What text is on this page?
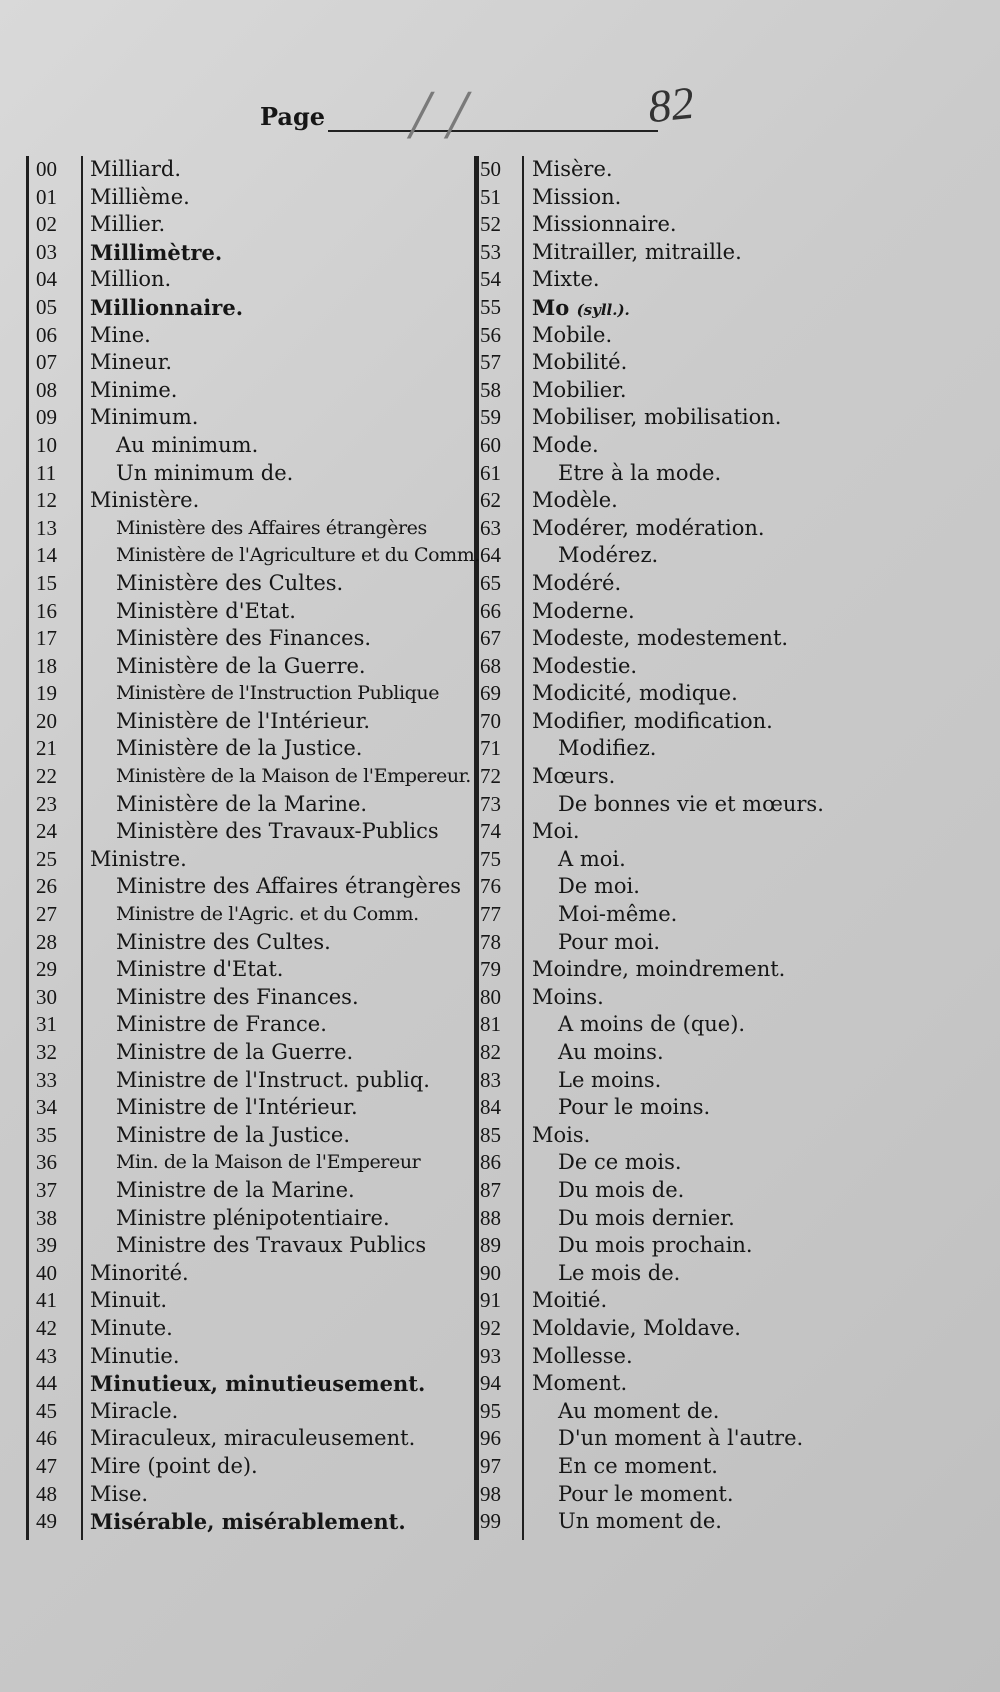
Page / /	82
00	Milliard.
01	Millième.
02	Millier.
03	Millimètre.
04	Million.
05	Millionnaire.
06	Mine.
07	Mineur.
08	Minime.
09	Minimum.
10	Au minimum.
11	Un minimum de.
12	Ministère.
13	Ministère des Affaires étrangères
14	Ministère de l'Agriculture et du Comm.
15	Ministère des Cultes.
16	Ministère d'Etat.
17	Ministère des Finances.
18	Ministère de la Guerre.
19	Ministère de l'Instruction Publique
20	Ministère de l'Intérieur.
21	Ministère de la Justice.
22	Ministère de la Maison de l'Empereur.
23	Ministère de la Marine.
24	Ministère des Travaux-Publics
25	Ministre.
26	Ministre des Affaires étrangères
27	Ministre de l'Agric. et du Comm.
28	Ministre des Cultes.
29	Ministre d'Etat.
30	Ministre des Finances.
31	Ministre de France.
32	Ministre de la Guerre.
33	Ministre de l'Instruct. publiq.
34	Ministre de l'Intérieur.
35	Ministre de la Justice.
36	Min. de la Maison de l'Empereur
37	Ministre de la Marine.
38	Ministre plénipotentiaire.
39	Ministre des Travaux Publics
40	Minorité.
41	Minuit.
42	Minute.
43	Minutie.
44	Minutieux, minutieusement.
45	Miracle.
46	Miraculeux, miraculeusement.
47	Mire (point de).
48	Mise.
49	Misérable, misérablement.
50	Misère.
51	Mission.
52	Missionnaire.
53	Mitrailler, mitraille.
54	Mixte.
55	Mo (syll.).
56	Mobile.
57	Mobilité.
58	Mobilier.
59	Mobiliser, mobilisation.
60	Mode.
61	Etre à la mode.
62	Modèle.
63	Modérer, modération.
64	Modérez.
65	Modéré.
66	Moderne.
67	Modeste, modestement.
68	Modestie.
69	Modicité, modique.
70	Modifier, modification.
71	Modifiez.
72	Mœurs.
73	De bonnes vie et mœurs.
74	Moi.
75	A moi.
76	De moi.
77	Moi-même.
78	Pour moi.
79	Moindre, moindrement.
80	Moins.
81	A moins de (que).
82	Au moins.
83	Le moins.
84	Pour le moins.
85	Mois.
86	De ce mois.
87	Du mois de.
88	Du mois dernier.
89	Du mois prochain.
90	Le mois de.
91	Moitié.
92	Moldavie, Moldave.
93	Mollesse.
94	Moment.
95	Au moment de.
96	D'un moment à l'autre.
97	En ce moment.
98	Pour le moment.
99	Un moment de.
